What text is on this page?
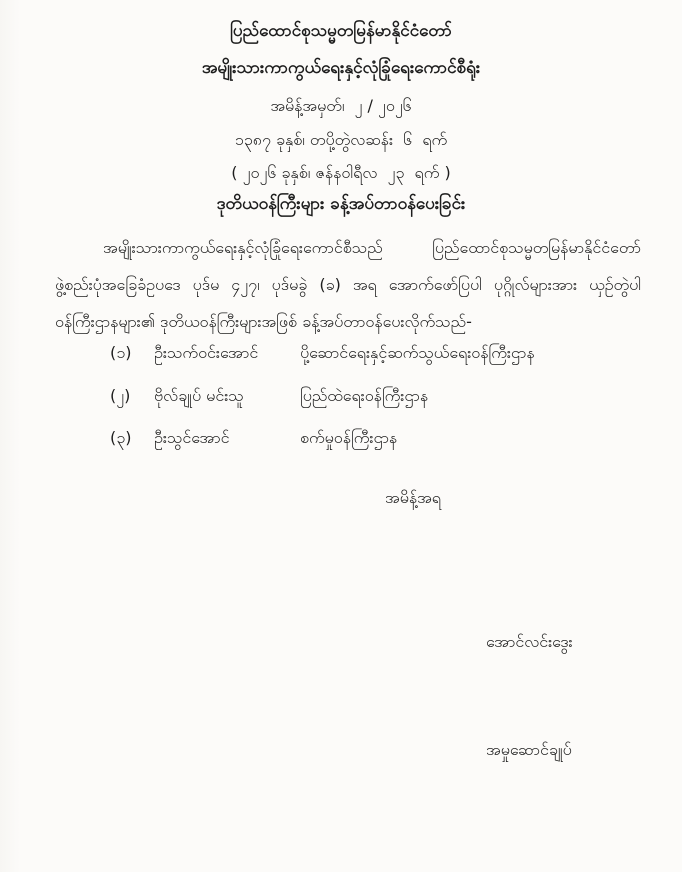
ပြည်ထောင်စုသမ္မတမြန်မာနိုင်ငံတော်
အမျိုးသားကာကွယ်ရေးနှင့်လုံခြုံရေးကောင်စီရုံး
အမိန့်အမှတ်၊  ၂ / ၂၀၂၆
၁၃၈၇ ခုနှစ်၊ တပို့တွဲလဆန်း  ၆  ရက်
( ၂၀၂၆ ခုနှစ်၊ ဇန်နဝါရီလ  ၂၃  ရက် )
ဒုတိယဝန်ကြီးများ ခန့်အပ်တာဝန်ပေးခြင်း

အမျိုးသားကာကွယ်ရေးနှင့်လုံခြုံရေးကောင်စီသည် ပြည်ထောင်စုသမ္မတမြန်မာနိုင်ငံတော် ဖွဲ့စည်းပုံအခြေခံဥပဒေ ပုဒ်မ ၄၂၇၊ ပုဒ်မခွဲ (ခ) အရ အောက်ဖော်ပြပါ ပုဂ္ဂိုလ်များအား ယှဉ်တွဲပါ ဝန်ကြီးဌာနများ၏ ဒုတိယဝန်ကြီးများအဖြစ် ခန့်အပ်တာဝန်ပေးလိုက်သည်-

(၁)	ဦးသက်ဝင်းအောင်	ပို့ဆောင်ရေးနှင့်ဆက်သွယ်ရေးဝန်ကြီးဌာန
(၂)	ဗိုလ်ချုပ် မင်းသူ	ပြည်ထဲရေးဝန်ကြီးဌာန
(၃)	ဦးသွင်အောင်	စက်မှုဝန်ကြီးဌာန
အမိန့်အရ

အောင်လင်းဒွေး

အမှုဆောင်ချုပ်
